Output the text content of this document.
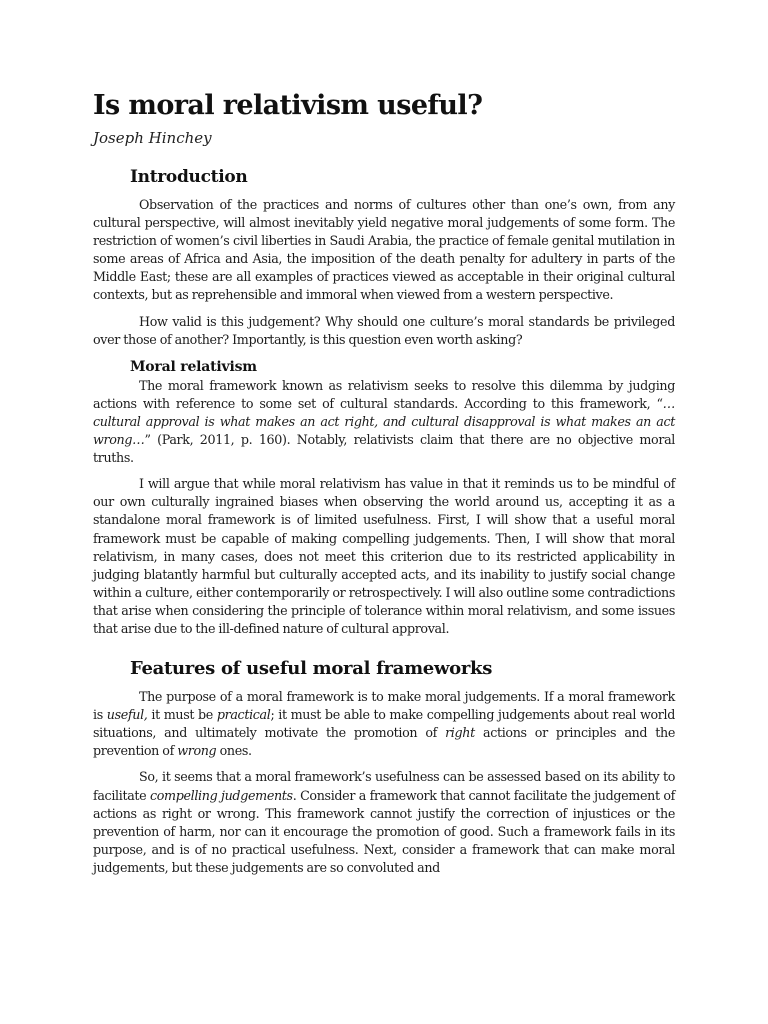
Is moral relativism useful?
Joseph Hinchey
Introduction

Observation of the practices and norms of cultures other than one’s own, from any cultural perspective, will almost inevitably yield negative moral judgements of some form. The restriction of women’s civil liberties in Saudi Arabia, the practice of female genital mutilation in some areas of Africa and Asia, the imposition of the death penalty for adultery in parts of the Middle East; these are all examples of practices viewed as acceptable in their original cultural contexts, but as reprehensible and immoral when viewed from a western perspective.

How valid is this judgement? Why should one culture’s moral standards be privileged over those of another? Importantly, is this question even worth asking?

Moral relativism

The moral framework known as relativism seeks to resolve this dilemma by judging actions with reference to some set of cultural standards. According to this framework, “…cultural approval is what makes an act right, and cultural disapproval is what makes an act wrong…” (Park, 2011, p. 160). Notably, relativists claim that there are no objective moral truths.

I will argue that while moral relativism has value in that it reminds us to be mindful of our own culturally ingrained biases when observing the world around us, accepting it as a standalone moral framework is of limited usefulness. First, I will show that a useful moral framework must be capable of making compelling judgements. Then, I will show that moral relativism, in many cases, does not meet this criterion due to its restricted applicability in judging blatantly harmful but culturally accepted acts, and its inability to justify social change within a culture, either contemporarily or retrospectively. I will also outline some contradictions that arise when considering the principle of tolerance within moral relativism, and some issues that arise due to the ill-defined nature of cultural approval.

Features of useful moral frameworks

The purpose of a moral framework is to make moral judgements. If a moral framework is useful, it must be practical; it must be able to make compelling judgements about real world situations, and ultimately motivate the promotion of right actions or principles and the prevention of wrong ones.

So, it seems that a moral framework’s usefulness can be assessed based on its ability to facilitate compelling judgements. Consider a framework that cannot facilitate the judgement of actions as right or wrong. This framework cannot justify the correction of injustices or the prevention of harm, nor can it encourage the promotion of good. Such a framework fails in its purpose, and is of no practical usefulness. Next, consider a framework that can make moral judgements, but these judgements are so convoluted and
